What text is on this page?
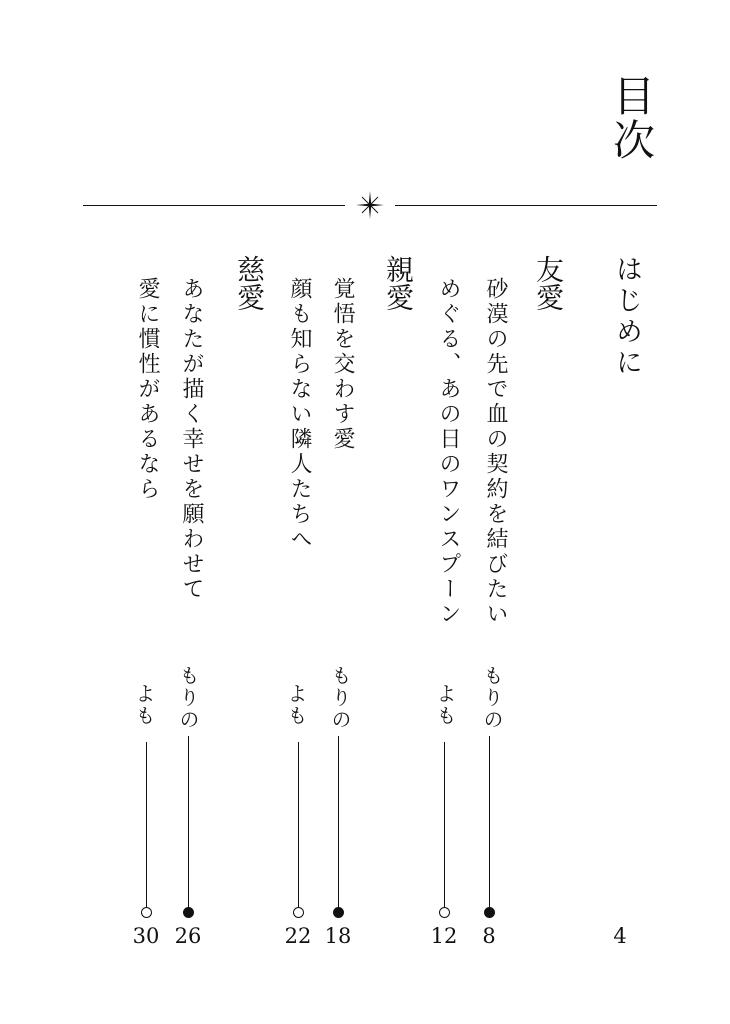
目次
はじめに
友愛
砂漠の先で血の契約を結びたい
もりの
8
めぐる、あの日のワンスプーン
よも
12
親愛
覚悟を交わす愛
もりの
18
顔も知らない隣人たちへ
よも
22
慈愛
あなたが描く幸せを願わせて
もりの
26
愛に慣性があるなら
よも
30	4
